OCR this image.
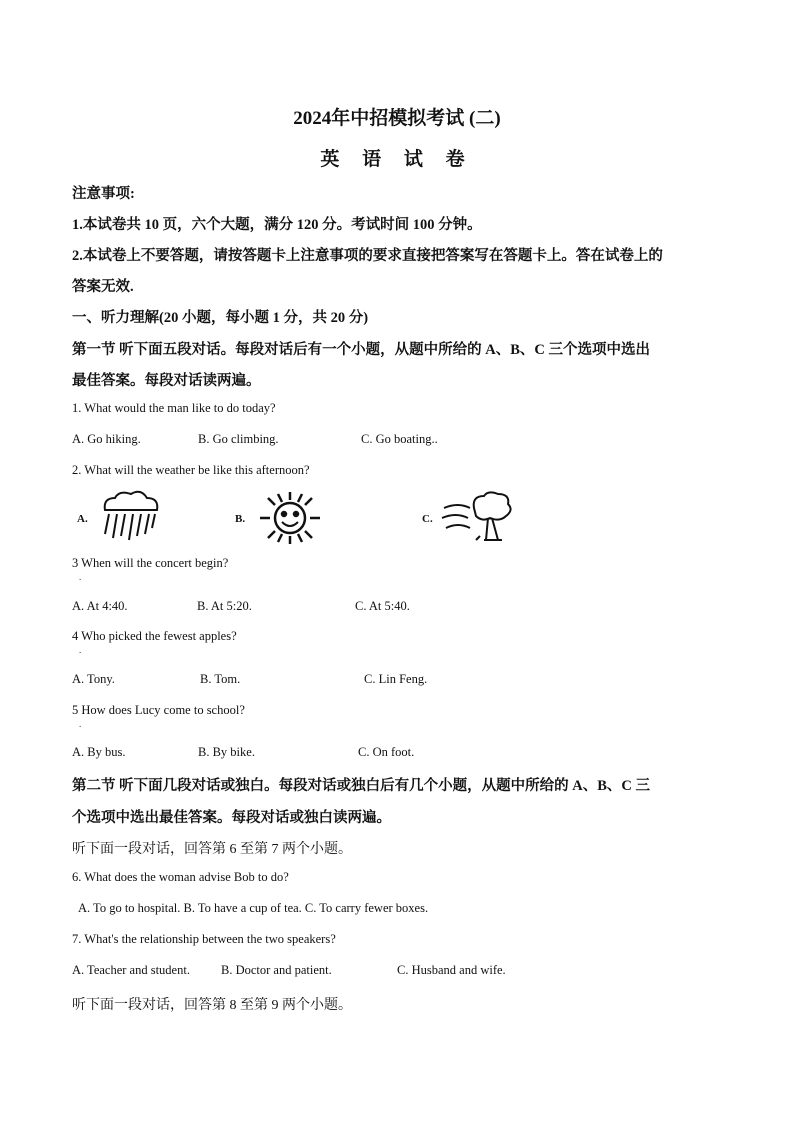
2024年中招模拟考试 (二)
英 语 试 卷
注意事项:
1.本试卷共 10 页，六个大题，满分 120 分。考试时间 100 分钟。
2.本试卷上不要答题，请按答题卡上注意事项的要求直接把答案写在答题卡上。答在试卷上的
答案无效.
一、听力理解(20 小题，每小题 1 分，共 20 分)
第一节 听下面五段对话。每段对话后有一个小题，从题中所给的 A、B、C 三个选项中选出
最佳答案。每段对话读两遍。
1. What would the man like to do today?
A. Go hiking.	B. Go climbing.	C. Go boating..
2. What will the weather be like this afternoon?
A.	B.	C.
3 When will the concert begin?
.
A. At 4:40.	B. At 5:20.	C. At 5:40.
4 Who picked the fewest apples?
.
A. Tony.	B. Tom.	C. Lin Feng.
5 How does Lucy come to school?
.
A. By bus.	B. By bike.	C. On foot.
第二节 听下面几段对话或独白。每段对话或独白后有几个小题，从题中所给的 A、B、C 三
个选项中选出最佳答案。每段对话或独白读两遍。
听下面一段对话，回答第 6 至第 7 两个小题。
6. What does the woman advise Bob to do?
A. To go to hospital. B. To have a cup of tea. C. To carry fewer boxes.
7. What's the relationship between the two speakers?
A. Teacher and student. B. Doctor and patient.	C. Husband and wife.
听下面一段对话，回答第 8 至第 9 两个小题。
